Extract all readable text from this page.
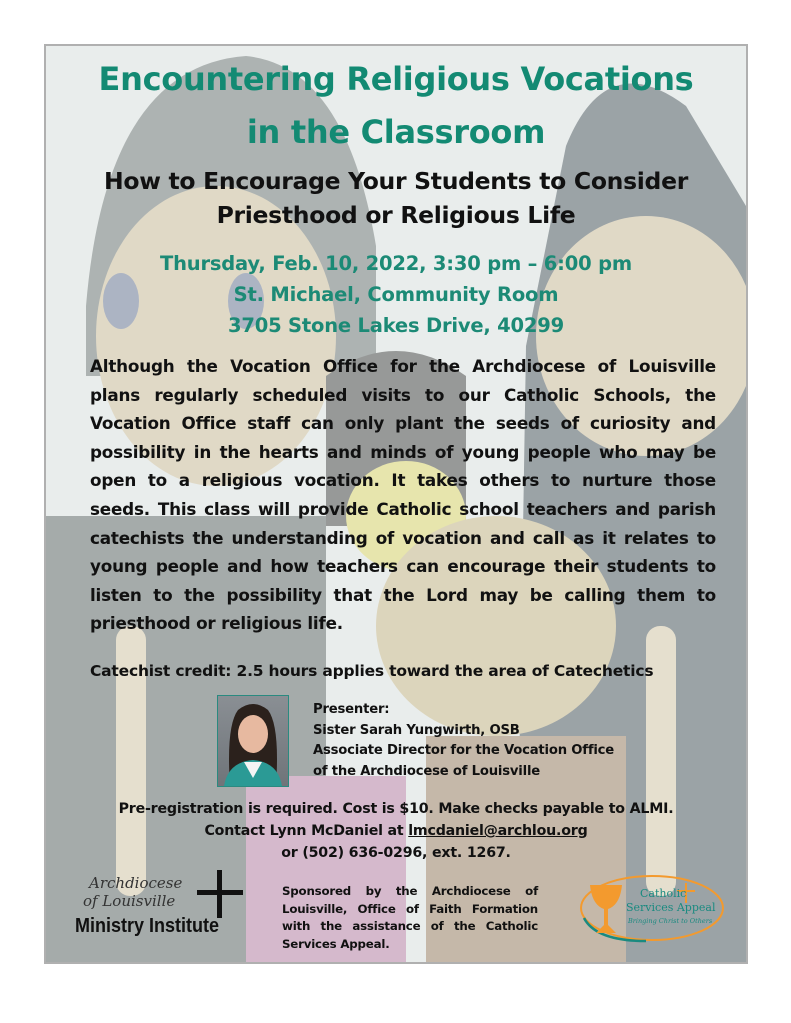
Encountering Religious Vocations
in the Classroom
How to Encourage Your Students to Consider
Priesthood or Religious Life
Thursday, Feb. 10, 2022, 3:30 pm – 6:00 pm
St. Michael, Community Room
3705 Stone Lakes Drive, 40299
Although the Vocation Office for the Archdiocese of Louisville plans regularly scheduled visits to our Catholic Schools, the Vocation Office staff can only plant the seeds of curiosity and possibility in the hearts and minds of young people who may be open to a religious vocation. It takes others to nurture those seeds. This class will provide Catholic school teachers and parish catechists the understanding of vocation and call as it relates to young people and how teachers can encourage their students to listen to the possibility that the Lord may be calling them to priesthood or religious life.
Catechist credit: 2.5 hours applies toward the area of Catechetics
Presenter:
Sister Sarah Yungwirth, OSB
Associate Director for the Vocation Office
of the Archdiocese of Louisville
Pre-registration is required. Cost is $10. Make checks payable to ALMI.
Contact Lynn McDaniel at lmcdaniel@archlou.org
or (502) 636-0296, ext. 1267.
Archdiocese
of Louisville
Ministry Institute
Sponsored by the Archdiocese of Louisville, Office of Faith Formation with the assistance of the Catholic Services Appeal.
Catholic
Services Appeal
Bringing Christ to Others
